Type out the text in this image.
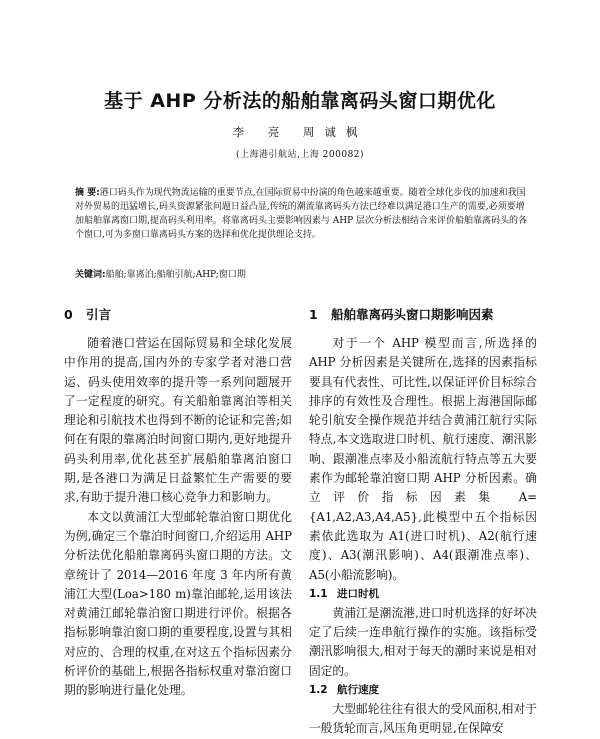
基于 AHP 分析法的船舶靠离码头窗口期优化
李 亮 周诚枫
(上海港引航站,上海 200082)
摘 要:港口码头作为现代物流运输的重要节点,在国际贸易中扮演的角色越来越重要。随着全球化步伐的加速和我国对外贸易的迅猛增长,码头资源紧张问题日益凸显,传统的潮流靠离码头方法已经难以满足港口生产的需要,必须要增加船舶靠离窗口期,提高码头利用率。将靠离码头主要影响因素与 AHP 层次分析法相结合来评价船舶靠离码头的各个窗口,可为多窗口靠离码头方案的选择和优化提供理论支持。
关键词:船舶;靠离泊;船舶引航;AHP;窗口期
0 引言

随着港口营运在国际贸易和全球化发展中作用的提高,国内外的专家学者对港口营运、码头使用效率的提升等一系列问题展开了一定程度的研究。有关船舶靠离泊等相关理论和引航技术也得到不断的论证和完善;如何在有限的靠离泊时间窗口期内,更好地提升码头利用率,优化甚至扩展船舶靠离泊窗口期,是各港口为满足日益繁忙生产需要的要求,有助于提升港口核心竞争力和影响力。

本文以黄浦江大型邮轮靠泊窗口期优化为例,确定三个靠泊时间窗口,介绍运用 AHP 分析法优化船舶靠离码头窗口期的方法。文章统计了 2014—2016 年度 3 年内所有黄浦江大型(Loa>180 m)靠泊邮轮,运用该法对黄浦江邮轮靠泊窗口期进行评价。根据各指标影响靠泊窗口期的重要程度,设置与其相对应的、合理的权重,在对这五个指标因素分析评价的基础上,根据各指标权重对靠泊窗口期的影响进行量化处理。

1 船舶靠离码头窗口期影响因素

对于一个 AHP 模型而言,所选择的 AHP 分析因素是关键所在,选择的因素指标要具有代表性、可比性,以保证评价目标综合排序的有效性及合理性。根据上海港国际邮轮引航安全操作规范并结合黄浦江航行实际特点,本文选取进口时机、航行速度、潮汛影响、跟潮准点率及小船流航行特点等五大要素作为邮轮靠泊窗口期 AHP 分析因素。确立评价指标因素集 A={A1,A2,A3,A4,A5},此模型中五个指标因素依此选取为 A1(进口时机)、A2(航行速度)、A3(潮汛影响)、A4(跟潮准点率)、A5(小船流影响)。

1.1 进口时机

黄浦江是潮流港,进口时机选择的好坏决定了后续一连串航行操作的实施。该指标受潮汛影响很大,相对于每天的潮时来说是相对固定的。

1.2 航行速度

大型邮轮往往有很大的受风面积,相对于一般货轮而言,风压角更明显,在保障安
